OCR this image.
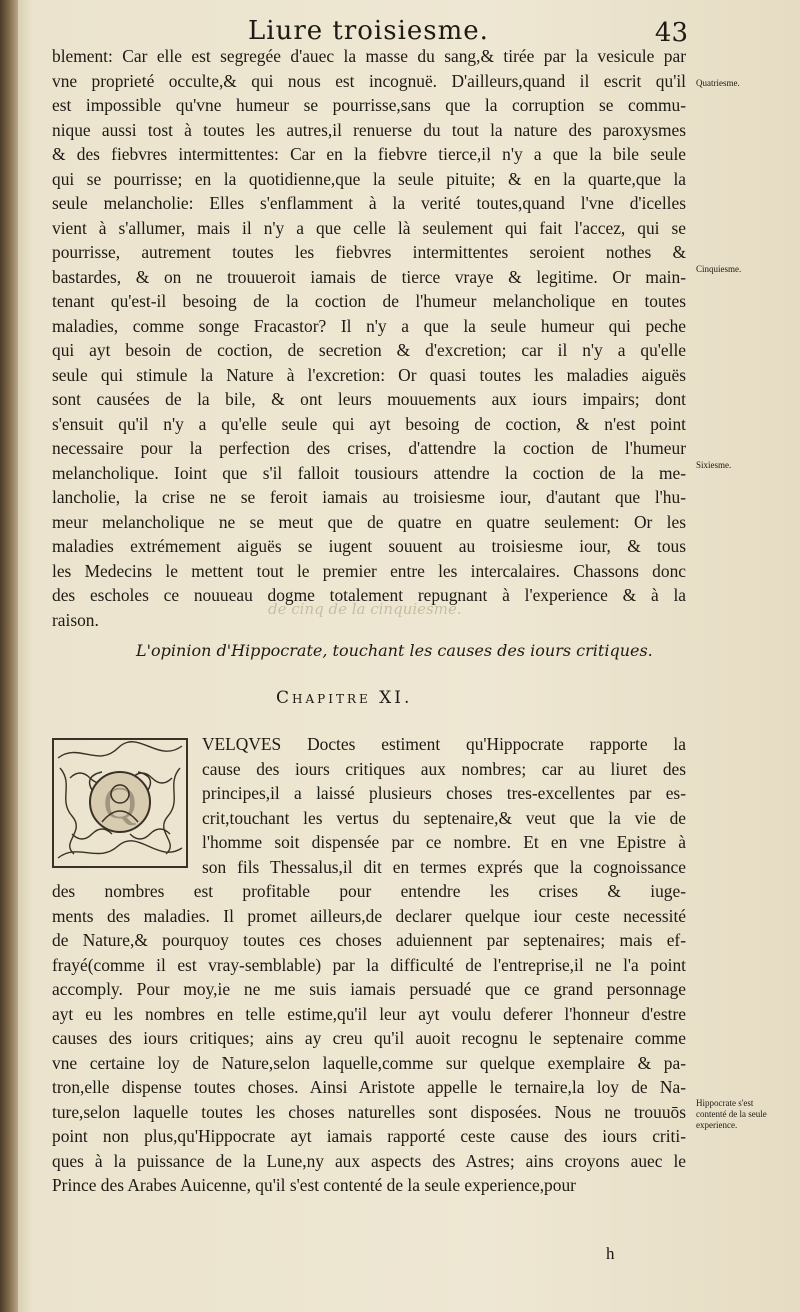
Liure troisiesme.	43
de cinq de la cinquiesme.
blement: Car elle est segregée d'auec la masse du sang,& tirée par la vesicule par
vne proprieté occulte,& qui nous est incognuë. D'ailleurs,quand il escrit qu'il
est impossible qu'vne humeur se pourrisse,sans que la corruption se commu-
nique aussi tost à toutes les autres,il renuerse du tout la nature des paroxysmes
& des fiebvres intermittentes: Car en la fiebvre tierce,il n'y a que la bile seule
qui se pourrisse; en la quotidienne,que la seule pituite; & en la quarte,que la
seule melancholie: Elles s'enflamment à la verité toutes,quand l'vne d'icelles
vient à s'allumer, mais il n'y a que celle là seulement qui fait l'accez, qui se
pourrisse, autrement toutes les fiebvres intermittentes seroient nothes &
bastardes, & on ne trouueroit iamais de tierce vraye & legitime. Or main-
tenant qu'est-il besoing de la coction de l'humeur melancholique en toutes
maladies, comme songe Fracastor? Il n'y a que la seule humeur qui peche
qui ayt besoin de coction, de secretion & d'excretion; car il n'y a qu'elle
seule qui stimule la Nature à l'excretion: Or quasi toutes les maladies aiguës
sont causées de la bile, & ont leurs mouuements aux iours impairs; dont
s'ensuit qu'il n'y a qu'elle seule qui ayt besoing de coction, & n'est point
necessaire pour la perfection des crises, d'attendre la coction de l'humeur
melancholique. Ioint que s'il falloit tousiours attendre la coction de la me-
lancholie, la crise ne se feroit iamais au troisiesme iour, d'autant que l'hu-
meur melancholique ne se meut que de quatre en quatre seulement: Or les
maladies extrémement aiguës se iugent souuent au troisiesme iour, & tous
les Medecins le mettent tout le premier entre les intercalaires. Chassons donc
des escholes ce nouueau dogme totalement repugnant à l'experience & à la
raison.
L'opinion d'Hippocrate, touchant les causes des iours critiques.
Chapitre XI.
Q
VELQVES Doctes estiment qu'Hippocrate rapporte la
cause des iours critiques aux nombres; car au liuret des
principes,il a laissé plusieurs choses tres-excellentes par es-
crit,touchant les vertus du septenaire,& veut que la vie de
l'homme soit dispensée par ce nombre. Et en vne Epistre à
son fils Thessalus,il dit en termes exprés que la cognoissance
des nombres est profitable pour entendre les crises & iuge-
ments des maladies. Il promet ailleurs,de declarer quelque iour ceste necessité
de Nature,& pourquoy toutes ces choses aduiennent par septenaires; mais ef-
frayé(comme il est vray-semblable) par la difficulté de l'entreprise,il ne l'a point
accomply. Pour moy,ie ne me suis iamais persuadé que ce grand personnage
ayt eu les nombres en telle estime,qu'il leur ayt voulu deferer l'honneur d'estre
causes des iours critiques; ains ay creu qu'il auoit recognu le septenaire comme
vne certaine loy de Nature,selon laquelle,comme sur quelque exemplaire & pa-
tron,elle dispense toutes choses. Ainsi Aristote appelle le ternaire,la loy de Na-
ture,selon laquelle toutes les choses naturelles sont disposées. Nous ne trouuōs
point non plus,qu'Hippocrate ayt iamais rapporté ceste cause des iours criti-
ques à la puissance de la Lune,ny aux aspects des Astres; ains croyons auec le
Prince des Arabes Auicenne, qu'il s'est contenté de la seule experience,pour
Quatriesme.
Cinquiesme.
Sixiesme.
Hippocrate s'est
contenté de la seule
experience.
h
